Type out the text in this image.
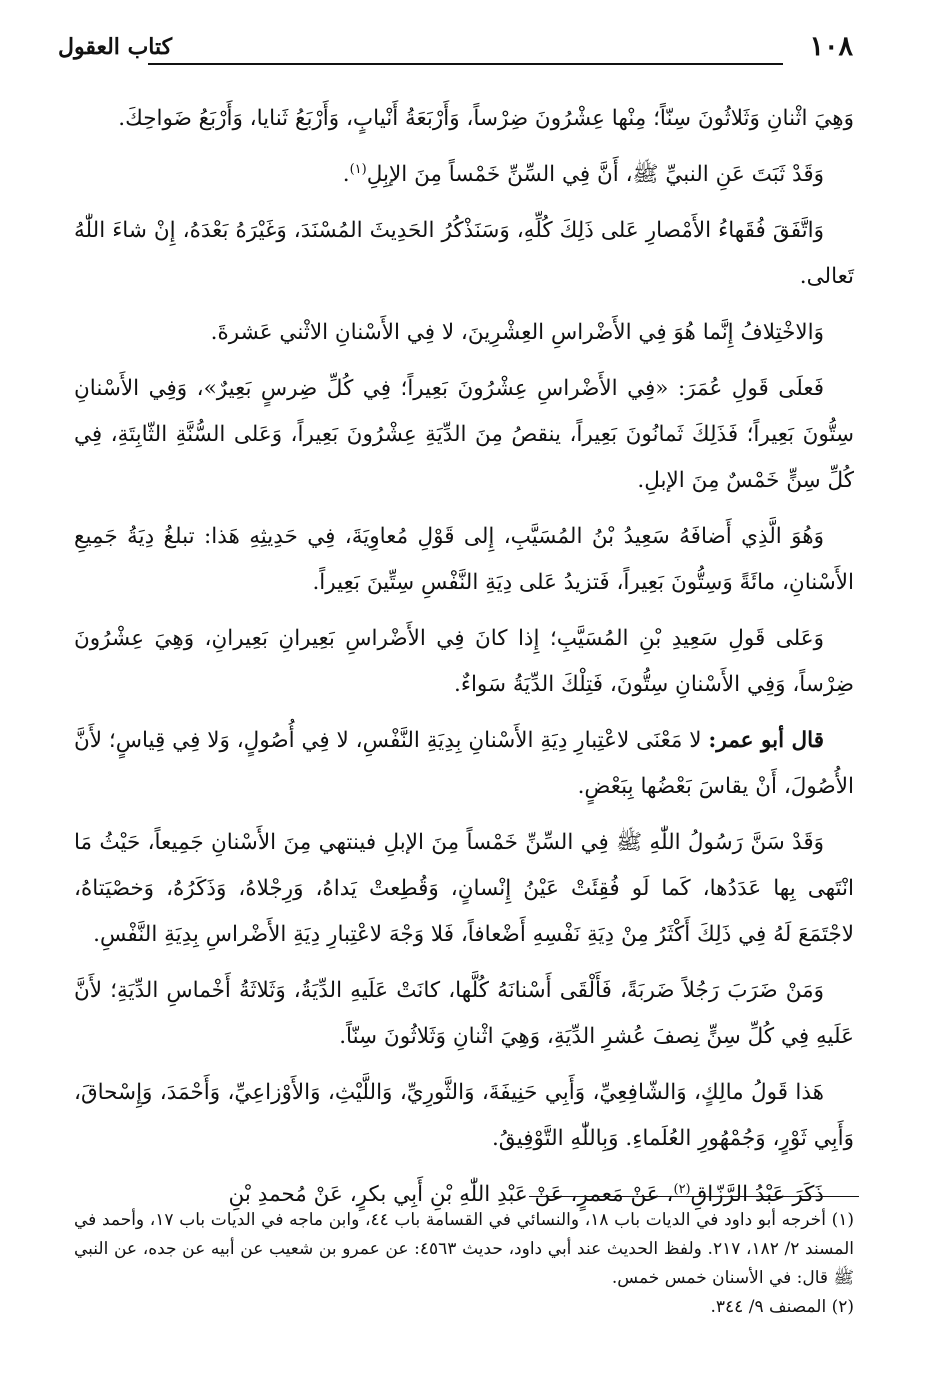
١٠٨
كتاب العقول

وَهِيَ اثْنانِ وَثَلاثُونَ سِنّاً؛ مِنْها عِشْرُونَ ضِرْساً، وَأَرْبَعَةُ أَنْيابٍ، وَأَرْبَعُ ثَنايا، وَأَرْبَعُ ضَواحِكَ.

وَقَدْ ثَبَتَ عَنِ النبيِّ ﷺ، أَنَّ فِي السِّنِّ خَمْساً مِنَ الإبِلِ$^{(١)}$.

وَاتَّفَقَ فُقَهاءُ الأَمْصارِ عَلى ذَلِكَ كُلِّهِ، وَسَنَذْكُرُ الحَدِيثَ المُسْنَدَ، وَغَيْرَهُ بَعْدَهُ، إِنْ شاءَ اللّٰهُ تَعالى.

وَالاخْتِلافُ إِنَّما هُوَ فِي الأَضْراسِ العِشْرِينَ، لا فِي الأَسْنانِ الاثْني عَشرةَ.

فَعلَى قَولِ عُمَرَ: «فِي الأَضْراسِ عِشْرُونَ بَعِيراً؛ فِي كُلِّ ضِرسٍ بَعِيرٌ»، وَفِي الأَسْنانِ سِتُّونَ بَعِيراً؛ فَذَلِكَ ثَمانُونَ بَعِيراً، ينقصُ مِنَ الدِّيَةِ عِشْرُونَ بَعِيراً، وَعَلى السُّنَّةِ الثّابِتَةِ، فِي كُلِّ سِنٍّ خَمْسٌ مِنَ الإبلِ.

وَهُوَ الَّذِي أَضافَهُ سَعِيدُ بْنُ المُسَيَّبِ، إِلى قَوْلِ مُعاوِيَةَ، فِي حَدِيثِهِ هَذا: تبلغُ دِيَةُ جَمِيعِ الأَسْنانِ، مائَةً وَسِتُّونَ بَعِيراً، فَتزيدُ عَلى دِيَةِ النَّفْسِ سِتِّينَ بَعِيراً.

وَعَلى قَولِ سَعِيدِ بْنِ المُسَيَّبِ؛ إِذا كانَ فِي الأَضْراسِ بَعِيرانِ بَعِيرانِ، وَهِيَ عِشْرُونَ ضِرْساً، وَفِي الأَسْنانِ سِتُّونَ، فَتِلْكَ الدِّيَةُ سَواءٌ.

قال أبو عمر: لا مَعْنَى لاعْتِبارِ دِيَةِ الأَسْنانِ بِدِيَةِ النَّفْسِ، لا فِي أُصُولٍ، وَلا فِي قِياسٍ؛ لأَنَّ الأُصُولَ، أَنْ يقاسَ بَعْضُها بِبَعْضٍ.

وَقَدْ سَنَّ رَسُولُ اللّٰهِ ﷺ فِي السِّنِّ خَمْساً مِنَ الإبلِ فينتهي مِنَ الأَسْنانِ جَمِيعاً، حَيْثُ مَا انْتَهى بِها عَدَدُها، كَما لَو فُقِئَتْ عَيْنُ إِنْسانٍ، وَقُطِعتْ يَداهُ، وَرِجْلاهُ، وَذَكَرُهُ، وَخصْيَتاهُ، لاجْتَمَعَ لَهُ فِي ذَلِكَ أَكْثَرُ مِنْ دِيَةِ نَفْسِهِ أَضْعافاً، فَلا وَجْهَ لاعْتِبارِ دِيَةِ الأَضْراسِ بِدِيَةِ النَّفْسِ.

وَمَنْ ضَرَبَ رَجُلاً ضَربَةً، فَأَلْقَى أَسْنانَهُ كُلَّها، كانَتْ عَلَيهِ الدِّيَةُ، وَثَلاثَةُ أَخْماسِ الدِّيَةِ؛ لأَنَّ عَلَيهِ فِي كُلِّ سِنٍّ نِصفَ عُشرِ الدِّيَةِ، وَهِيَ اثْنانِ وَثَلاثُونَ سِنّاً.

هَذا قَولُ مالِكٍ، وَالشّافِعِيِّ، وَأَبِي حَنِيفَةَ، وَالثَّورِيِّ، وَاللَّيْثِ، وَالأَوْزاعِيِّ، وَأَحْمَدَ، وَإِسْحاقَ، وَأَبِي ثَوْرٍ، وَجُمْهُورِ العُلَماءِ. وَبِاللّٰهِ التَّوْفِيقُ.

ذَكَرَ عَبْدُ الرَّزّاقِ$^{(٢)}$، عَنْ مَعمرٍ، عَنْ عَبْدِ اللّٰهِ بْنِ أَبِي بكرٍ، عَنْ مُحمدِ بْنِ

(١) أخرجه أبو داود في الديات باب ١٨، والنسائي في القسامة باب ٤٤، وابن ماجه في الديات باب ١٧، وأحمد في المسند ٢/ ١٨٢، ٢١٧. ولفظ الحديث عند أبي داود، حديث ٤٥٦٣: عن عمرو بن شعيب عن أبيه عن جده، عن النبي ﷺ قال: في الأسنان خمس خمس.

(٢) المصنف ٩/ ٣٤٤.
